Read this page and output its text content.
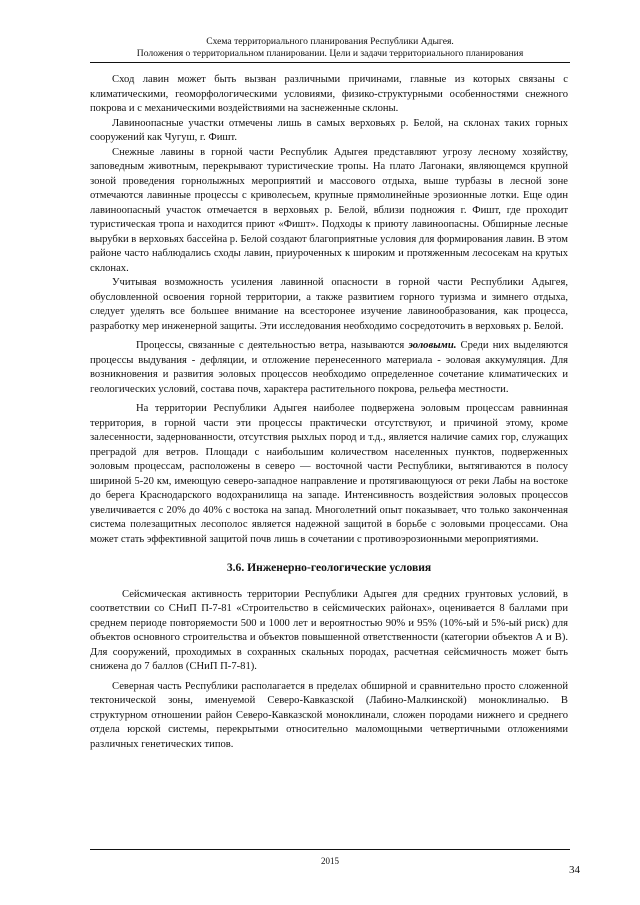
Схема территориального планирования Республики Адыгея.
Положения о территориальном планировании. Цели и задачи территориального планирования

Сход лавин может быть вызван различными причинами, главные из которых связаны с климатическими, геоморфологическими условиями, физико-структурными особенностями снежного покрова и с механическими воздействиями на заснеженные склоны.

Лавиноопасные участки отмечены лишь в самых верховьях р. Белой, на склонах таких горных сооружений как Чугуш, г. Фишт.

Снежные лавины в горной части Республик Адыгея представляют угрозу лесному хозяйству, заповедным животным, перекрывают туристические тропы. На плато Лагонаки, являющемся крупной зоной проведения горнолыжных мероприятий и массового отдыха, выше турбазы в лесной зоне отмечаются лавинные процессы с криволесьем, крупные прямолинейные эрозионные лотки. Еще один лавиноопасный участок отмечается в верховьях р. Белой, вблизи подножия г. Фишт, где проходит туристическая тропа и находится приют «Фишт». Подходы к приюту лавиноопасны. Обширные лесные вырубки в верховьях бассейна р. Белой создают благоприятные условия для формирования лавин. В этом районе часто наблюдались сходы лавин, приуроченных к широким и протяженным лесосекам на крутых склонах.

Учитывая возможность усиления лавинной опасности в горной части Республики Адыгея, обусловленной освоения горной территории, а также развитием горного туризма и зимнего отдыха, следует уделять все большее внимание на всесторонее изучение лавинообразования, как процесса, разработку мер инженерной защиты. Эти исследования необходимо сосредоточить в верховьях р. Белой.

Процессы, связанные с деятельностью ветра, называются эоловыми. Среди них выделяются процессы выдувания - дефляции, и отложение перенесенного материала - эоловая аккумуляция. Для возникновения и развития эоловых процессов необходимо определенное сочетание климатических и геологических условий, состава почв, характера растительного покрова, рельефа местности.

На территории Республики Адыгея наиболее подвержена эоловым процессам равнинная территория, в горной части эти процессы практически отсутствуют, и причиной этому, кроме залесенности, задернованности, отсутствия рыхлых пород и т.д., является наличие самих гор, служащих преградой для ветров. Площади с наибольшим количеством населенных пунктов, подверженных эоловым процессам, расположены в северо — восточной части Республики, вытягиваются в полосу шириной 5-20 км, имеющую северо-западное направление и протягивающуюся от реки Лабы на востоке до берега Краснодарского водохранилища на западе. Интенсивность воздействия эоловых процессов увеличивается с 20% до 40% с востока на запад. Многолетний опыт показывает, что только законченная система полезащитных лесополос является надежной защитой в борьбе с эоловыми процессами. Она может стать эффективной защитой почв лишь в сочетании с противоэрозионными мероприятиями.

3.6. Инженерно-геологические условия

Сейсмическая активность территории Республики Адыгея для средних грунтовых условий, в соответствии со СНиП П-7-81 «Строительство в сейсмических районах», оценивается 8 баллами при среднем периоде повторяемости 500 и 1000 лет и вероятностью 90% и 95% (10%-ый и 5%-ый риск) для объектов основного строительства и объектов повышенной ответственности (категории объектов А и В). Для сооружений, проходимых в сохранных скальных породах, расчетная сейсмичность может быть снижена до 7 баллов (СНиП П-7-81).

Северная часть Республики располагается в пределах обширной и сравнительно просто сложенной тектонической зоны, именуемой Северо-Кавказской (Лабино-Малкинской) моноклиналью. В структурном отношении район Северо-Кавказской моноклинали, сложен породами нижнего и среднего отдела юрской системы, перекрытыми относительно маломощными четвертичными отложениями различных генетических типов.

2015
34
